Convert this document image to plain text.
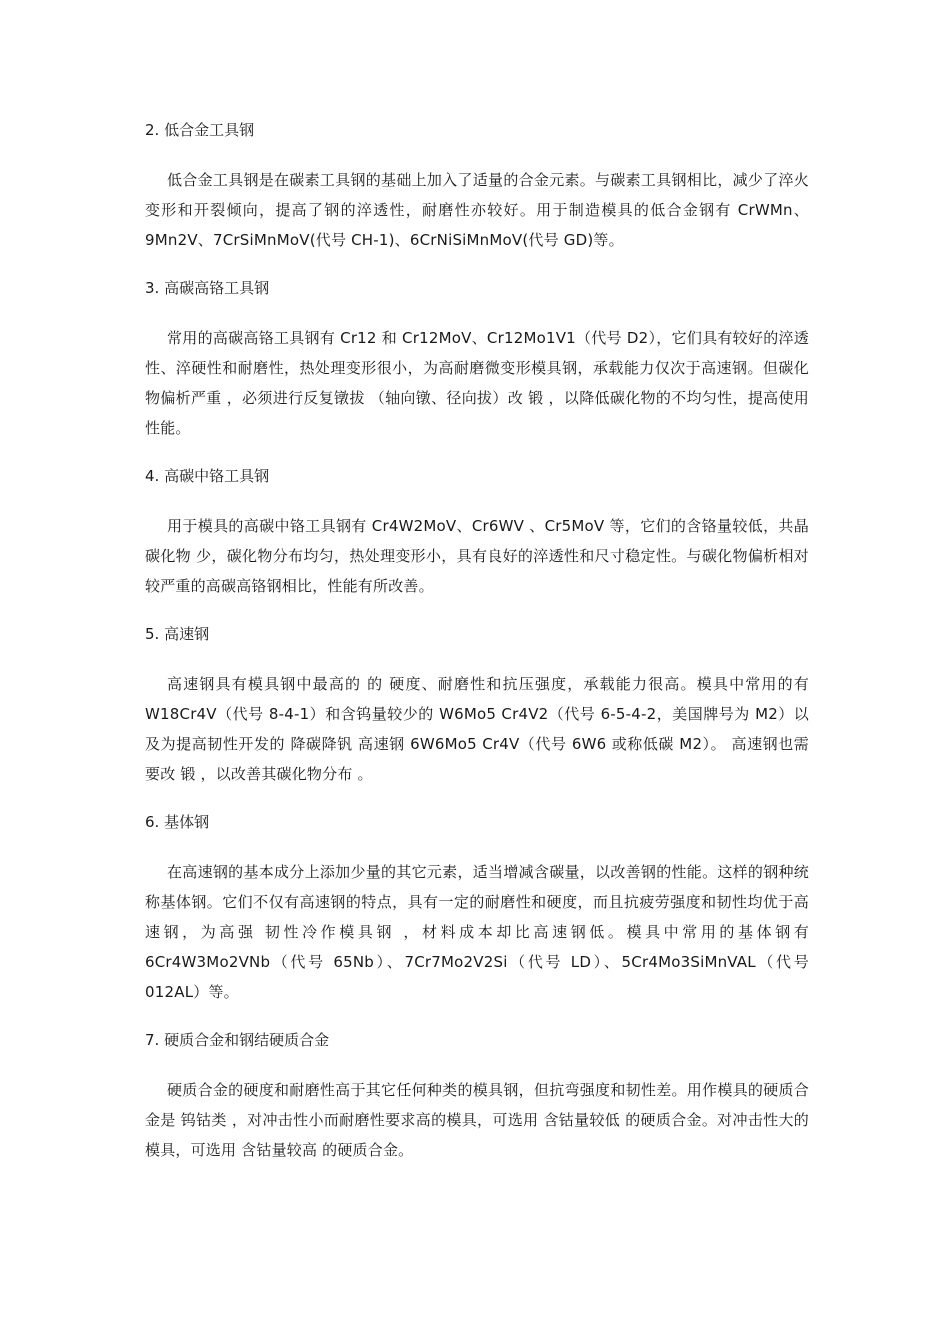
2. 低合金工具钢
低合金工具钢是在碳素工具钢的基础上加入了适量的合金元素。与碳素工具钢相比，减少了淬火变形和开裂倾向，提高了钢的淬透性，耐磨性亦较好。用于制造模具的低合金钢有 CrWMn、9Mn2V、7CrSiMnMoV(代号 CH-1)、6CrNiSiMnMoV(代号 GD)等。
3. 高碳高铬工具钢
常用的高碳高铬工具钢有 Cr12 和 Cr12MoV、Cr12Mo1V1（代号 D2），它们具有较好的淬透性、淬硬性和耐磨性，热处理变形很小，为高耐磨微变形模具钢，承载能力仅次于高速钢。但碳化物偏析严重 ，必须进行反复镦拔 （轴向镦、径向拔）改 锻 ，以降低碳化物的不均匀性，提高使用性能。
4. 高碳中铬工具钢
用于模具的高碳中铬工具钢有 Cr4W2MoV、Cr6WV 、Cr5MoV 等，它们的含铬量较低，共晶碳化物 少，碳化物分布均匀，热处理变形小，具有良好的淬透性和尺寸稳定性。与碳化物偏析相对较严重的高碳高铬钢相比，性能有所改善。
5. 高速钢
高速钢具有模具钢中最高的 的 硬度、耐磨性和抗压强度，承载能力很高。模具中常用的有 W18Cr4V（代号 8-4-1）和含钨量较少的 W6Mo5 Cr4V2（代号 6-5-4-2，美国牌号为 M2）以及为提高韧性开发的 降碳降钒 高速钢 6W6Mo5 Cr4V（代号 6W6 或称低碳 M2）。 高速钢也需要改 锻 ，以改善其碳化物分布 。
6. 基体钢
在高速钢的基本成分上添加少量的其它元素，适当增减含碳量，以改善钢的性能。这样的钢种统称基体钢。它们不仅有高速钢的特点，具有一定的耐磨性和硬度，而且抗疲劳强度和韧性均优于高速钢，为高强 韧性冷作模具钢 ，材料成本却比高速钢低。模具中常用的基体钢有 6Cr4W3Mo2VNb（代号 65Nb）、7Cr7Mo2V2Si（代号 LD）、5Cr4Mo3SiMnVAL（代号 012AL）等。
7. 硬质合金和钢结硬质合金
硬质合金的硬度和耐磨性高于其它任何种类的模具钢，但抗弯强度和韧性差。用作模具的硬质合金是 钨钴类 ，对冲击性小而耐磨性要求高的模具，可选用 含钴量较低 的硬质合金。对冲击性大的模具，可选用 含钴量较高 的硬质合金。
